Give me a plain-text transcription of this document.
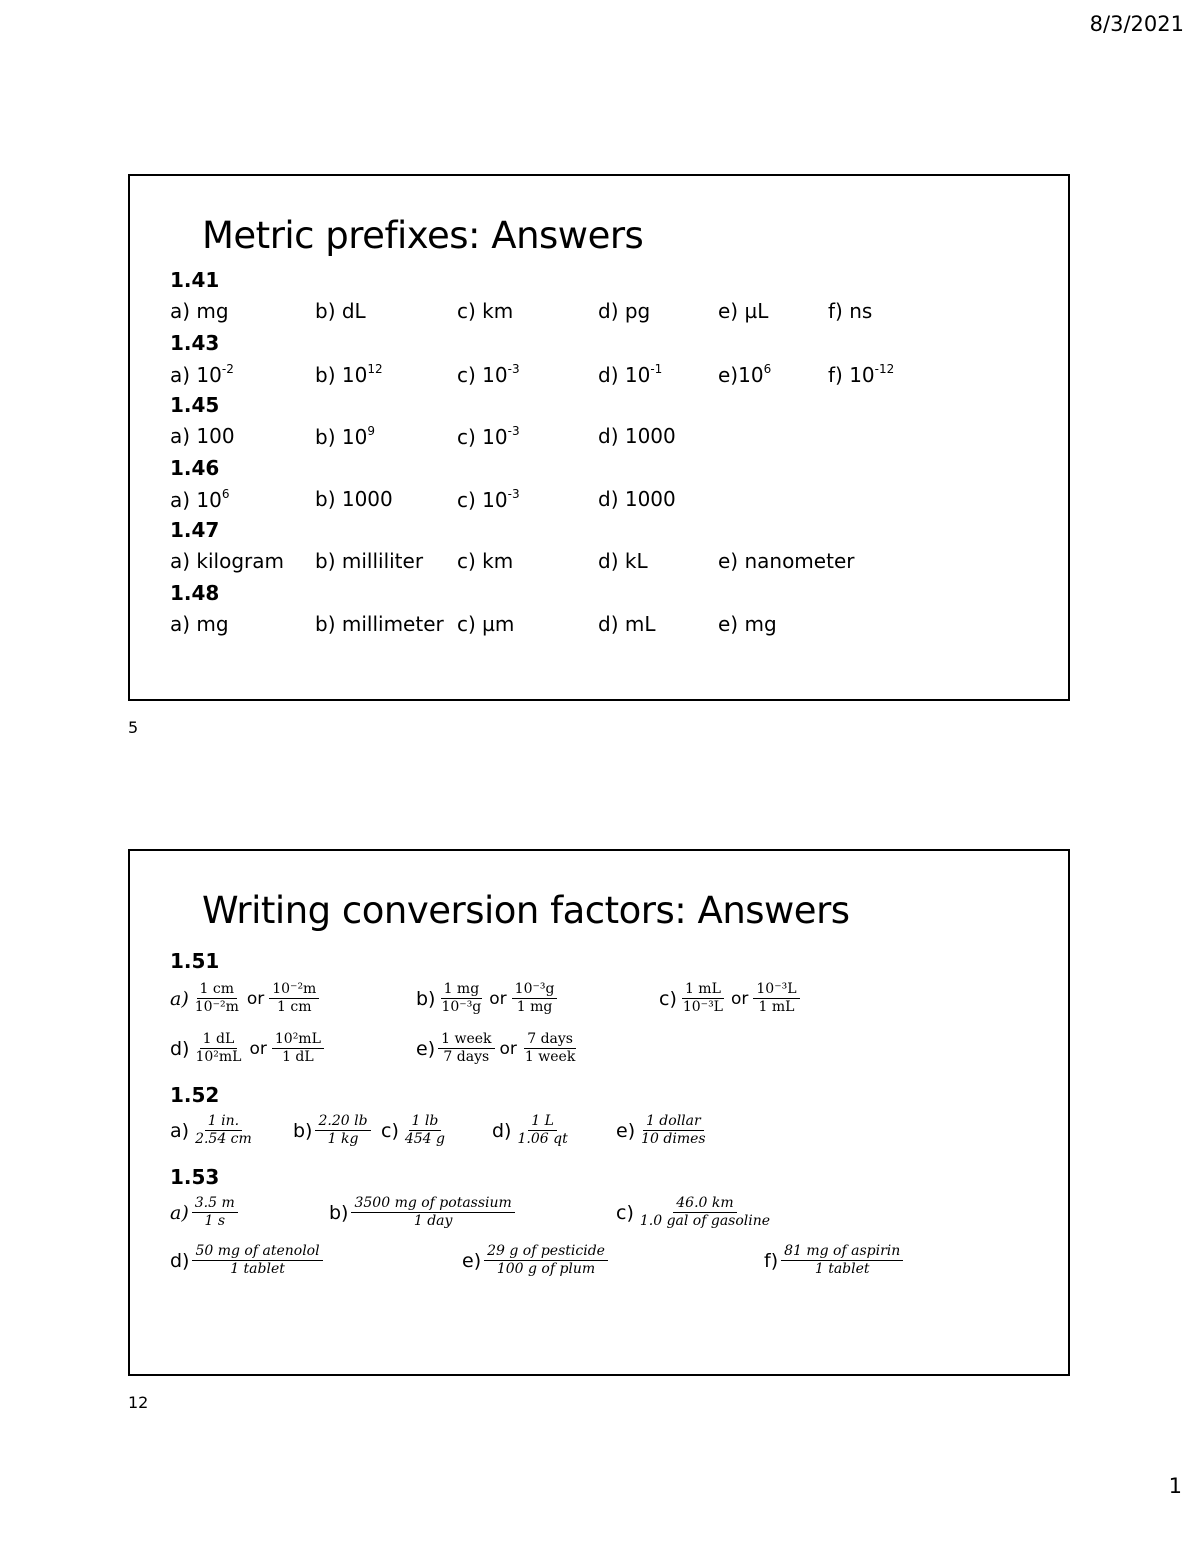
8/3/2021
Metric prefixes: Answers
1.41
a) mg	b) dL	c) km	d) pg	e) µL	f) ns
1.43
a) $10^{-2}$	b) $10^{12}$	c) $10^{-3}$	d) $10^{-1}$	$e)10^6$	f) $10^{-12}$
1.45
a) 100	b) $10^9$	c) $10^{-3}$	d) 1000
1.46
a) $10^6$	b) 1000	c) $10^{-3}$	d) 1000
1.47
a) kilogram b) milliliter c) km	d) kL	e) nanometer
1.48
a) mg	b) millimeter c) µm	d) mL	e) mg
5
Writing conversion factors: Answers
1.51
$a) \frac{1 cm}{\text{10⁻²m}}$ or $\frac{\text{10⁻²m}}{1 cm}$	$b) \frac{1 mg}{\text{10⁻³g}}$ or $\frac{\text{10⁻³g}}{1 mg}$	$c) \frac{1 mL}{\text{10⁻³L}}$ or $\frac{\text{10⁻³L}}{1 mL}$
$d) \frac{1 dL}{\text{10²mL}}$ or $\frac{\text{10²mL}}{1 dL}$	$e) \frac{\text{1 week}}{\text{7 days}}$ or $\frac{\text{7 days}}{\text{1 week}}$
1.52
$a) \frac{1 in.}{2.54 cm} b) \frac{2.20 lb}{1 kg} c) \frac{1 lb}{454 g} d) \frac{1 L}{1.06 qt} e) \frac{\text{1 dollar}}{\text{10 dimes}}$
1.53
$a) \frac{3.5 m}{1 s}$	$b) \frac{\text{3500 mg of potassium}}{\text{1 day}}$	$c) \frac{46.0 km}{\text{1.0 gal of gasoline}}$
$d) \frac{\text{50 mg of atenolol}}{\text{1 tablet}}$	$e) \frac{\text{29 g of pesticide}}{\text{100 g of plum}}$	$f) \frac{\text{81 mg of aspirin}}{\text{1 tablet}}$
12
1
